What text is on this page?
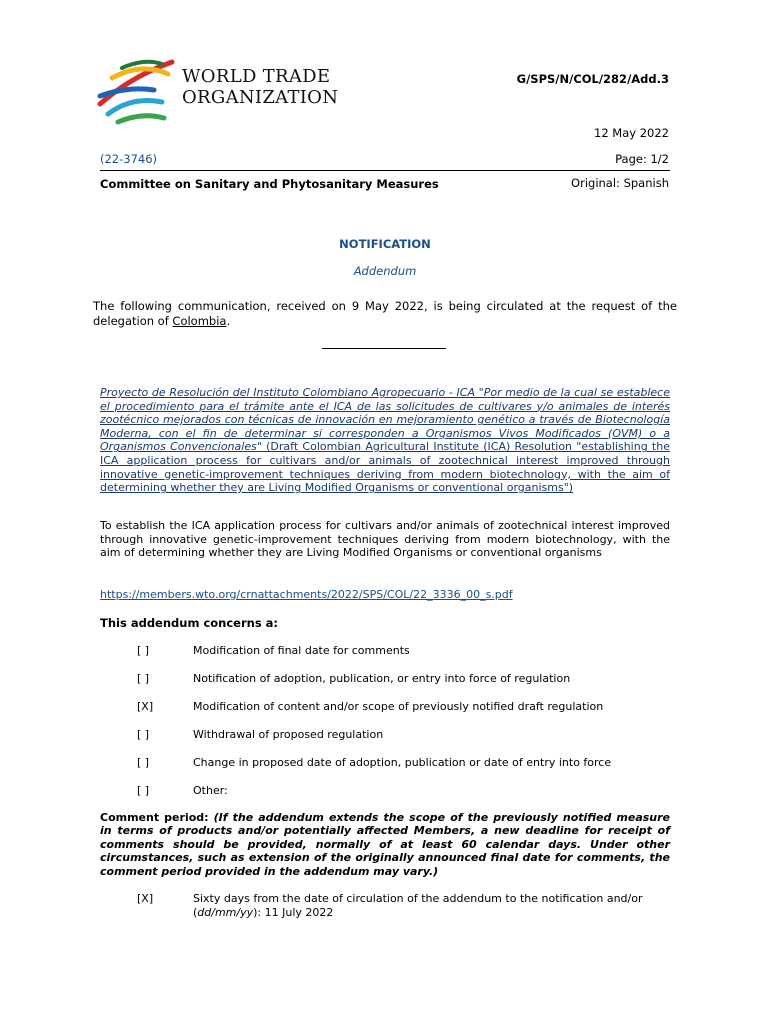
WORLD TRADE
ORGANIZATION
G/SPS/N/COL/282/Add.3
12 May 2022
(22-3746)	Page: 1/2
Committee on Sanitary and Phytosanitary Measures	Original: Spanish
NOTIFICATION
Addendum
The following communication, received on 9 May 2022, is being circulated at the request of the delegation of Colombia.
Proyecto de Resolución del Instituto Colombiano Agropecuario - ICA "Por medio de la cual se establece el procedimiento para el trámite ante el ICA de las solicitudes de cultivares y/o animales de interés zootécnico mejorados con técnicas de innovación en mejoramiento genético a través de Biotecnología Moderna, con el fin de determinar si corresponden a Organismos Vivos Modificados (OVM) o a Organismos Convencionales" (Draft Colombian Agricultural Institute (ICA) Resolution "establishing the ICA application process for cultivars and/or animals of zootechnical interest improved through innovative genetic-improvement techniques deriving from modern biotechnology, with the aim of determining whether they are Living Modified Organisms or conventional organisms")
To establish the ICA application process for cultivars and/or animals of zootechnical interest improved through innovative genetic-improvement techniques deriving from modern biotechnology, with the aim of determining whether they are Living Modified Organisms or conventional organisms
https://members.wto.org/crnattachments/2022/SPS/COL/22_3336_00_s.pdf
This addendum concerns a:
[ ]	Modification of final date for comments
[ ]	Notification of adoption, publication, or entry into force of regulation
[X]	Modification of content and/or scope of previously notified draft regulation
[ ]	Withdrawal of proposed regulation
[ ]	Change in proposed date of adoption, publication or date of entry into force
[ ]	Other:
Comment period: (If the addendum extends the scope of the previously notified measure in terms of products and/or potentially affected Members, a new deadline for receipt of comments should be provided, normally of at least 60 calendar days. Under other circumstances, such as extension of the originally announced final date for comments, the comment period provided in the addendum may vary.)
[X]	Sixty days from the date of circulation of the addendum to the notification and/or (dd/mm/yy): 11 July 2022
